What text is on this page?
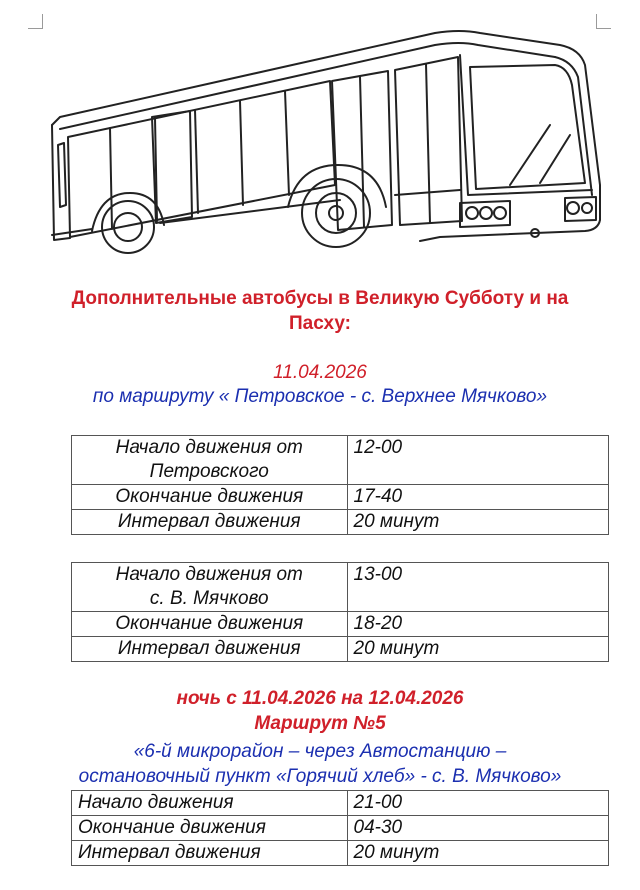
Дополнительные автобусы в Великую Субботу и на
Пасху:
11.04.2026
по маршруту « Петровское - с. Верхнее Мячково»
Начало движения от
Петровского	12-00
Окончание движения	17-40
Интервал движения	20 минут
Начало движения от
с. В. Мячково	13-00
Окончание движения	18-20
Интервал движения	20 минут
ночь с 11.04.2026 на 12.04.2026
Маршрут №5
«6-й микрорайон – через Автостанцию –
остановочный пункт «Горячий хлеб» - с. В. Мячково»
Начало движения	21-00
Окончание движения	04-30
Интервал движения	20 минут
